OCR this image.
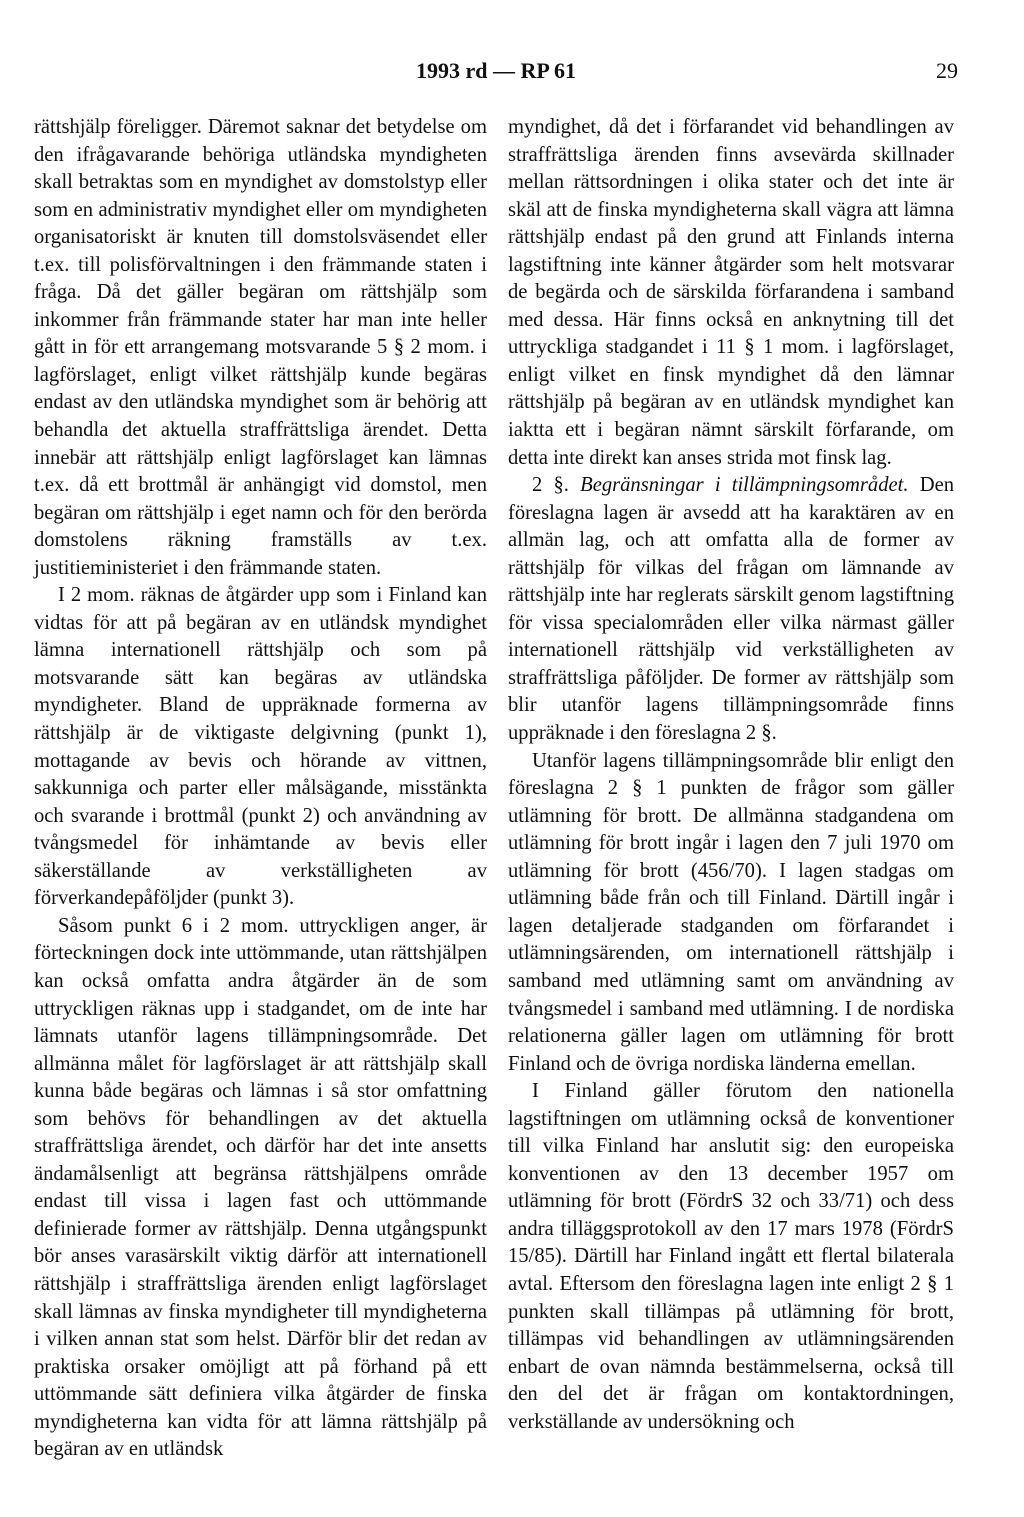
1993 rd — RP 61	29

rättshjälp föreligger. Däremot saknar det betydelse om den ifrågavarande behöriga utländska myndigheten skall betraktas som en myndighet av domstolstyp eller som en administrativ myndighet eller om myndigheten organisatoriskt är knuten till domstolsväsendet eller t.ex. till polisförvaltningen i den främmande staten i fråga. Då det gäller begäran om rättshjälp som inkommer från främmande stater har man inte heller gått in för ett arrangemang motsvarande 5 § 2 mom. i lagförslaget, enligt vilket rättshjälp kunde begäras endast av den utländska myndighet som är behörig att behandla det aktuella straffrättsliga ärendet. Detta innebär att rättshjälp enligt lagförslaget kan lämnas t.ex. då ett brottmål är anhängigt vid domstol, men begäran om rättshjälp i eget namn och för den berörda domstolens räkning framställs av t.ex. justitieministeriet i den främmande staten.

I 2 mom. räknas de åtgärder upp som i Finland kan vidtas för att på begäran av en utländsk myndighet lämna internationell rättshjälp och som på motsvarande sätt kan begäras av utländska myndigheter. Bland de uppräknade formerna av rättshjälp är de viktigaste delgivning (punkt 1), mottagande av bevis och hörande av vittnen, sakkunniga och parter eller målsägande, misstänkta och svarande i brottmål (punkt 2) och användning av tvångsmedel för inhämtande av bevis eller säkerställande av verkställigheten av förverkandepåföljder (punkt 3).

Såsom punkt 6 i 2 mom. uttryckligen anger, är förteckningen dock inte uttömmande, utan rättshjälpen kan också omfatta andra åtgärder än de som uttryckligen räknas upp i stadgandet, om de inte har lämnats utanför lagens tillämpningsområde. Det allmänna målet för lagförslaget är att rättshjälp skall kunna både begäras och lämnas i så stor omfattning som behövs för behandlingen av det aktuella straffrättsliga ärendet, och därför har det inte ansetts ändamålsenligt att begränsa rättshjälpens område endast till vissa i lagen fast och uttömmande definierade former av rättshjälp. Denna utgångspunkt bör anses varasärskilt viktig därför att internationell rättshjälp i straffrättsliga ärenden enligt lagförslaget skall lämnas av finska myndigheter till myndigheterna i vilken annan stat som helst. Därför blir det redan av praktiska orsaker omöjligt att på förhand på ett uttömmande sätt definiera vilka åtgärder de finska myndigheterna kan vidta för att lämna rättshjälp på begäran av en utländsk

myndighet, då det i förfarandet vid behandlingen av straffrättsliga ärenden finns avsevärda skillnader mellan rättsordningen i olika stater och det inte är skäl att de finska myndigheterna skall vägra att lämna rättshjälp endast på den grund att Finlands interna lagstiftning inte känner åtgärder som helt motsvarar de begärda och de särskilda förfarandena i samband med dessa. Här finns också en anknytning till det uttryckliga stadgandet i 11 § 1 mom. i lagförslaget, enligt vilket en finsk myndighet då den lämnar rättshjälp på begäran av en utländsk myndighet kan iaktta ett i begäran nämnt särskilt förfarande, om detta inte direkt kan anses strida mot finsk lag.

2 §. Begränsningar i tillämpningsområdet. Den föreslagna lagen är avsedd att ha karaktären av en allmän lag, och att omfatta alla de former av rättshjälp för vilkas del frågan om lämnande av rättshjälp inte har reglerats särskilt genom lagstiftning för vissa specialområden eller vilka närmast gäller internationell rättshjälp vid verkställigheten av straffrättsliga påföljder. De former av rättshjälp som blir utanför lagens tillämpningsområde finns uppräknade i den föreslagna 2 §.

Utanför lagens tillämpningsområde blir enligt den föreslagna 2 § 1 punkten de frågor som gäller utlämning för brott. De allmänna stadgandena om utlämning för brott ingår i lagen den 7 juli 1970 om utlämning för brott (456/70). I lagen stadgas om utlämning både från och till Finland. Därtill ingår i lagen detaljerade stadganden om förfarandet i utlämningsärenden, om internationell rättshjälp i samband med utlämning samt om användning av tvångsmedel i samband med utlämning. I de nordiska relationerna gäller lagen om utlämning för brott Finland och de övriga nordiska länderna emellan.

I Finland gäller förutom den nationella lagstiftningen om utlämning också de konventioner till vilka Finland har anslutit sig: den europeiska konventionen av den 13 december 1957 om utlämning för brott (FördrS 32 och 33/71) och dess andra tilläggsprotokoll av den 17 mars 1978 (FördrS 15/85). Därtill har Finland ingått ett flertal bilaterala avtal. Eftersom den föreslagna lagen inte enligt 2 § 1 punkten skall tillämpas på utlämning för brott, tillämpas vid behandlingen av utlämningsärenden enbart de ovan nämnda bestämmelserna, också till den del det är frågan om kontaktordningen, verkställande av undersökning och
